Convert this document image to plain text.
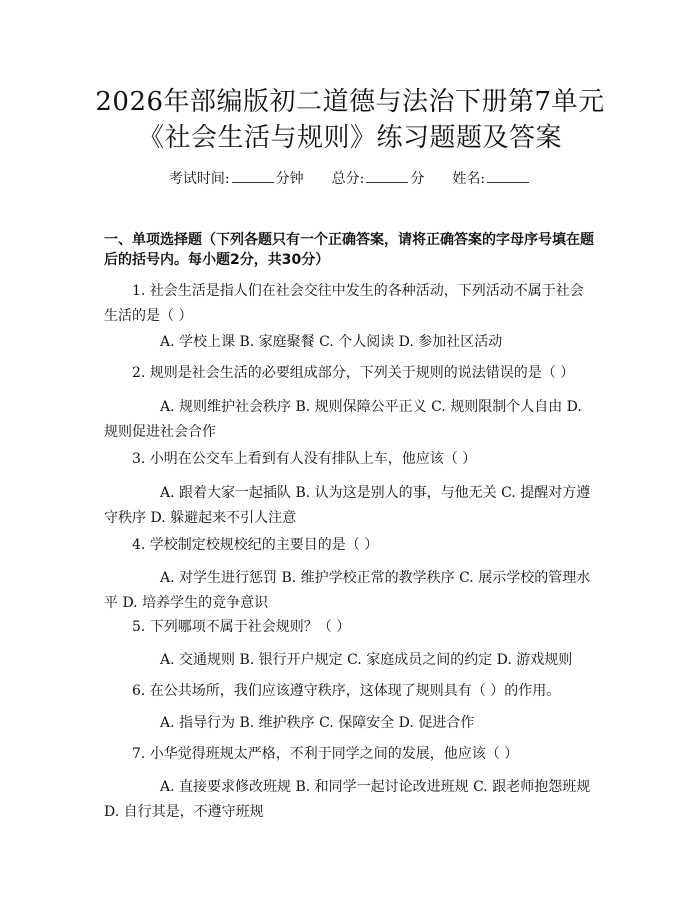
2026年部编版初二道德与法治下册第7单元
《社会生活与规则》练习题题及答案
考试时间:	分钟 总分:	分 姓名:
一、单项选择题（下列各题只有一个正确答案，请将正确答案的字母序号填在题后的括号内。每小题2分，共30分）
1. 社会生活是指人们在社会交往中发生的各种活动，下列活动不属于社会生活的是（ ）
A. 学校上课 B. 家庭聚餐 C. 个人阅读 D. 参加社区活动
2. 规则是社会生活的必要组成部分，下列关于规则的说法错误的是（ ）
A. 规则维护社会秩序 B. 规则保障公平正义 C. 规则限制个人自由 D. 规则促进社会合作
3. 小明在公交车上看到有人没有排队上车，他应该（ ）
A. 跟着大家一起插队 B. 认为这是别人的事，与他无关 C. 提醒对方遵守秩序 D. 躲避起来不引人注意
4. 学校制定校规校纪的主要目的是（ ）
A. 对学生进行惩罚 B. 维护学校正常的教学秩序 C. 展示学校的管理水平 D. 培养学生的竞争意识
5. 下列哪项不属于社会规则？（ ）
A. 交通规则 B. 银行开户规定 C. 家庭成员之间的约定 D. 游戏规则
6. 在公共场所，我们应该遵守秩序，这体现了规则具有（ ）的作用。
A. 指导行为 B. 维护秩序 C. 保障安全 D. 促进合作
7. 小华觉得班规太严格，不利于同学之间的发展，他应该（ ）
A. 直接要求修改班规 B. 和同学一起讨论改进班规 C. 跟老师抱怨班规 D. 自行其是，不遵守班规
